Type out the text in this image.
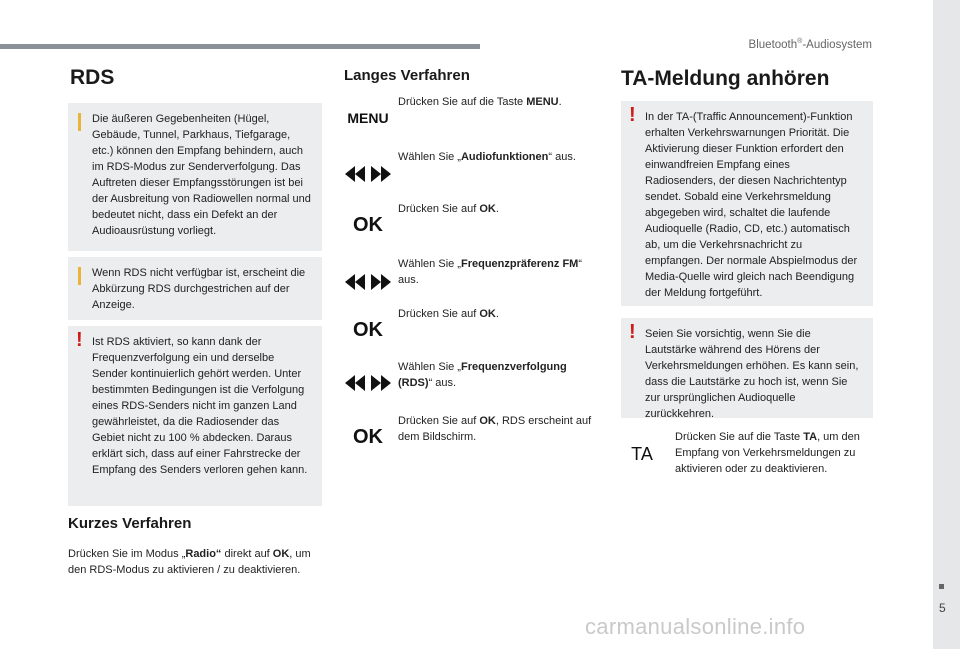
Bluetooth®-Audiosystem
5
carmanualsonline.info
RDS
Die äußeren Gegebenheiten (Hügel, Gebäude, Tunnel, Parkhaus, Tiefgarage, etc.) können den Empfang behindern, auch im RDS-Modus zur Senderverfolgung. Das Auftreten dieser Empfangsstörungen ist bei der Ausbreitung von Radiowellen normal und bedeutet nicht, dass ein Defekt an der Audioausrüstung vorliegt.
Wenn RDS nicht verfügbar ist, erscheint die Abkürzung RDS durchgestrichen auf der Anzeige.
! Ist RDS aktiviert, so kann dank der Frequenzverfolgung ein und derselbe Sender kontinuierlich gehört werden. Unter bestimmten Bedingungen ist die Verfolgung eines RDS-Senders nicht im ganzen Land gewährleistet, da die Radiosender das Gebiet nicht zu 100 % abdecken. Daraus erklärt sich, dass auf einer Fahrstrecke der Empfang des Senders verloren gehen kann.
Kurzes Verfahren
Drücken Sie im Modus „Radio“ direkt auf OK, um den RDS-Modus zu aktivieren / zu deaktivieren.
Langes Verfahren
MENU
Drücken Sie auf die Taste MENU.
Wählen Sie „Audiofunktionen“ aus.
OK
Drücken Sie auf OK.
Wählen Sie „Frequenzpräferenz FM“ aus.
OK
Drücken Sie auf OK.
Wählen Sie „Frequenzverfolgung (RDS)“ aus.
OK
Drücken Sie auf OK, RDS erscheint auf dem Bildschirm.
TA-Meldung anhören
! In der TA-(Traffic Announcement)-Funktion erhalten Verkehrswarnungen Priorität. Die Aktivierung dieser Funktion erfordert den einwandfreien Empfang eines Radiosenders, der diesen Nachrichtentyp sendet. Sobald eine Verkehrsmeldung abgegeben wird, schaltet die laufende Audioquelle (Radio, CD, etc.) automatisch ab, um die Verkehrsnachricht zu empfangen. Der normale Abspielmodus der Media-Quelle wird gleich nach Beendigung der Meldung fortgeführt.
! Seien Sie vorsichtig, wenn Sie die Lautstärke während des Hörens der Verkehrsmeldungen erhöhen. Es kann sein, dass die Lautstärke zu hoch ist, wenn Sie zur ursprünglichen Audioquelle zurückkehren.
TA
Drücken Sie auf die Taste TA, um den Empfang von Verkehrsmeldungen zu aktivieren oder zu deaktivieren.
